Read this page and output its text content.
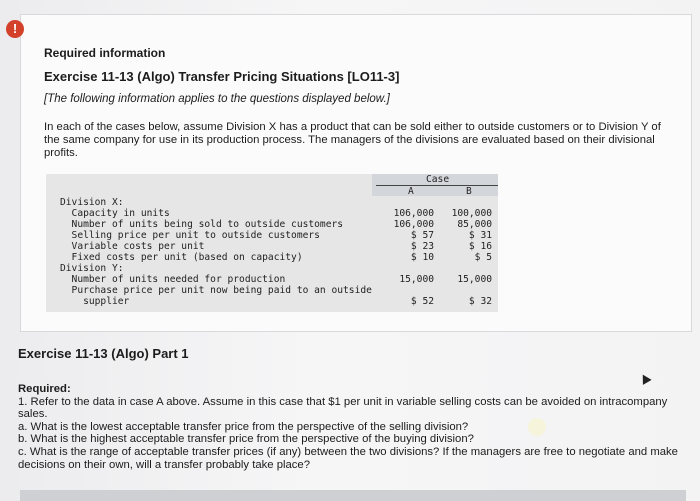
!
Required information
Exercise 11-13 (Algo) Transfer Pricing Situations [LO11-3]
[The following information applies to the questions displayed below.]
In each of the cases below, assume Division X has a product that can be sold either to outside customers or to Division Y of the same company for use in its production process. The managers of the divisions are evaluated based on their divisional profits.
Case
A	B
Division X:
Capacity in units	106,000	100,000
Number of units being sold to outside customers	106,000	85,000
Selling price per unit to outside customers	$ 57	$ 31
Variable costs per unit	$ 23	$ 16
Fixed costs per unit (based on capacity)	$ 10	$ 5
Division Y:
Number of units needed for production	15,000	15,000
Purchase price per unit now being paid to an outside
supplier	$ 52	$ 32
Exercise 11-13 (Algo) Part 1
Required:
1. Refer to the data in case A above. Assume in this case that $1 per unit in variable selling costs can be avoided on intracompany sales.
a. What is the lowest acceptable transfer price from the perspective of the selling division?
b. What is the highest acceptable transfer price from the perspective of the buying division?
c. What is the range of acceptable transfer prices (if any) between the two divisions? If the managers are free to negotiate and make decisions on their own, will a transfer probably take place?
